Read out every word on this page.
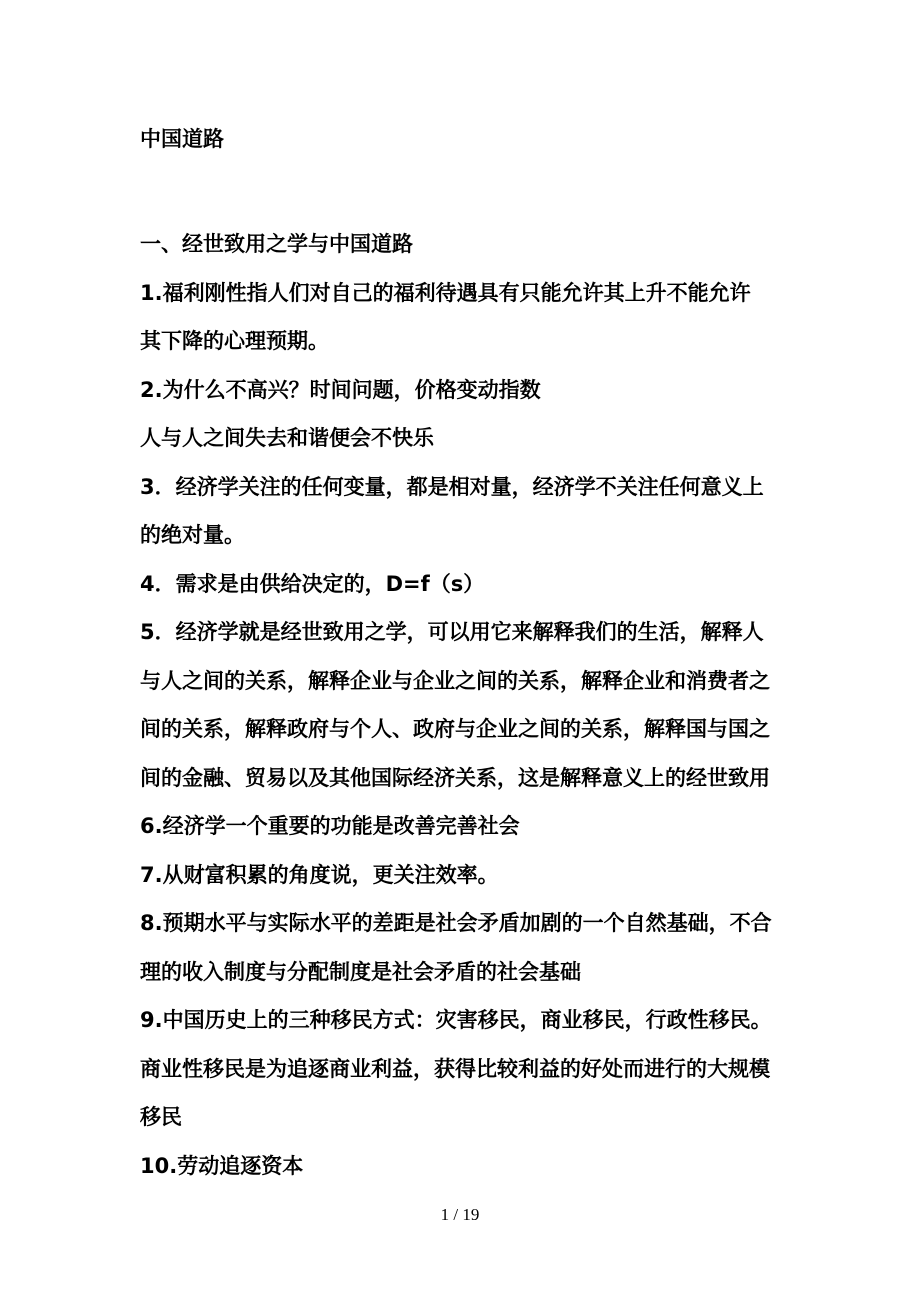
中国道路

一、经世致用之学与中国道路

1.福利刚性指人们对自己的福利待遇具有只能允许其上升不能允许

其下降的心理预期。

2.为什么不高兴？时间问题，价格变动指数

人与人之间失去和谐便会不快乐

3．经济学关注的任何变量，都是相对量，经济学不关注任何意义上

的绝对量。

4．需求是由供给决定的，D=f（s）

5．经济学就是经世致用之学，可以用它来解释我们的生活，解释人

与人之间的关系，解释企业与企业之间的关系，解释企业和消费者之

间的关系，解释政府与个人、政府与企业之间的关系，解释国与国之

间的金融、贸易以及其他国际经济关系，这是解释意义上的经世致用

6.经济学一个重要的功能是改善完善社会

7.从财富积累的角度说，更关注效率。

8.预期水平与实际水平的差距是社会矛盾加剧的一个自然基础，不合

理的收入制度与分配制度是社会矛盾的社会基础

9.中国历史上的三种移民方式：灾害移民，商业移民，行政性移民。

商业性移民是为追逐商业利益，获得比较利益的好处而进行的大规模

移民

10.劳动追逐资本

1 / 19
